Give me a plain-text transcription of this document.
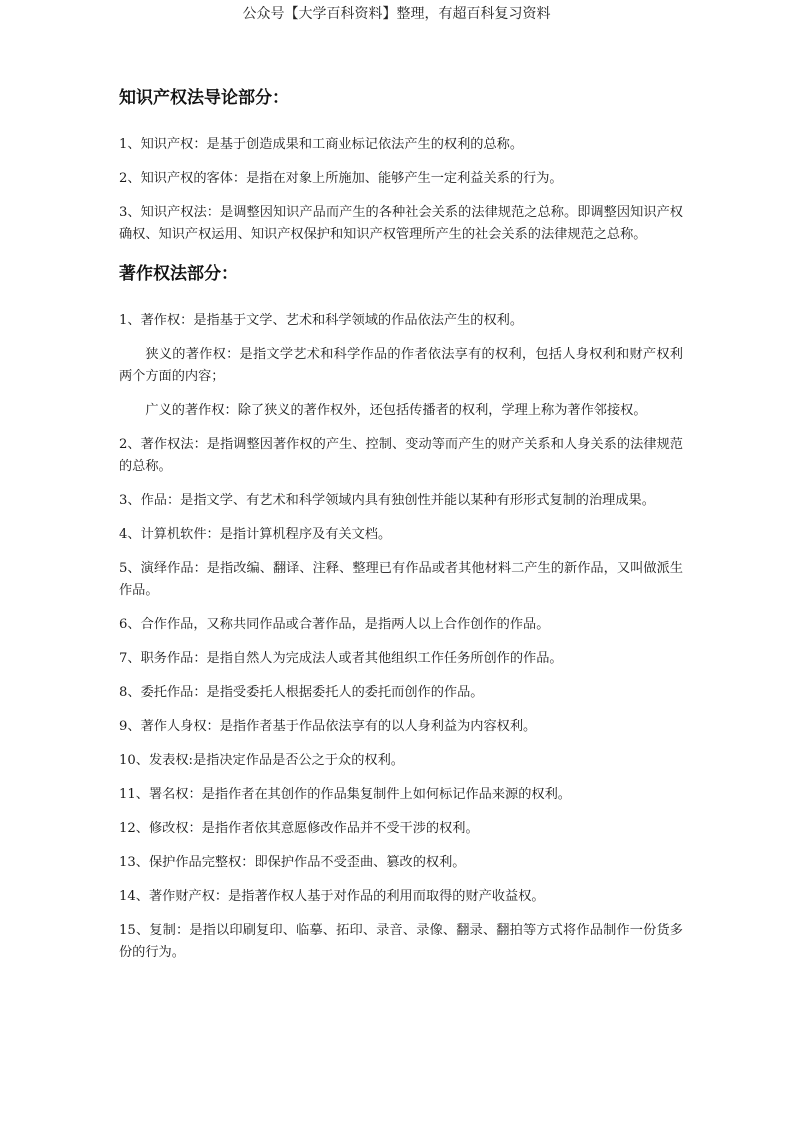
公众号【大学百科资料】整理，有超百科复习资料
知识产权法导论部分：

1、知识产权：是基于创造成果和工商业标记依法产生的权利的总称。

2、知识产权的客体：是指在对象上所施加、能够产生一定利益关系的行为。

3、知识产权法：是调整因知识产品而产生的各种社会关系的法律规范之总称。即调整因知识产权确权、知识产权运用、知识产权保护和知识产权管理所产生的社会关系的法律规范之总称。

著作权法部分：

1、著作权：是指基于文学、艺术和科学领域的作品依法产生的权利。

狭义的著作权：是指文学艺术和科学作品的作者依法享有的权利，包括人身权利和财产权利两个方面的内容；

广义的著作权：除了狭义的著作权外，还包括传播者的权利，学理上称为著作邻接权。

2、著作权法：是指调整因著作权的产生、控制、变动等而产生的财产关系和人身关系的法律规范的总称。

3、作品：是指文学、有艺术和科学领域内具有独创性并能以某种有形形式复制的治理成果。

4、计算机软件：是指计算机程序及有关文档。

5、演绎作品：是指改编、翻译、注释、整理已有作品或者其他材料二产生的新作品，又叫做派生作品。

6、合作作品，又称共同作品或合著作品，是指两人以上合作创作的作品。

7、职务作品：是指自然人为完成法人或者其他组织工作任务所创作的作品。

8、委托作品：是指受委托人根据委托人的委托而创作的作品。

9、著作人身权：是指作者基于作品依法享有的以人身利益为内容权利。

10、发表权:是指决定作品是否公之于众的权利。

11、署名权：是指作者在其创作的作品集复制件上如何标记作品来源的权利。

12、修改权：是指作者依其意愿修改作品并不受干涉的权利。

13、保护作品完整权：即保护作品不受歪曲、篡改的权利。

14、著作财产权：是指著作权人基于对作品的利用而取得的财产收益权。

15、复制：是指以印刷复印、临摹、拓印、录音、录像、翻录、翻拍等方式将作品制作一份货多份的行为。
